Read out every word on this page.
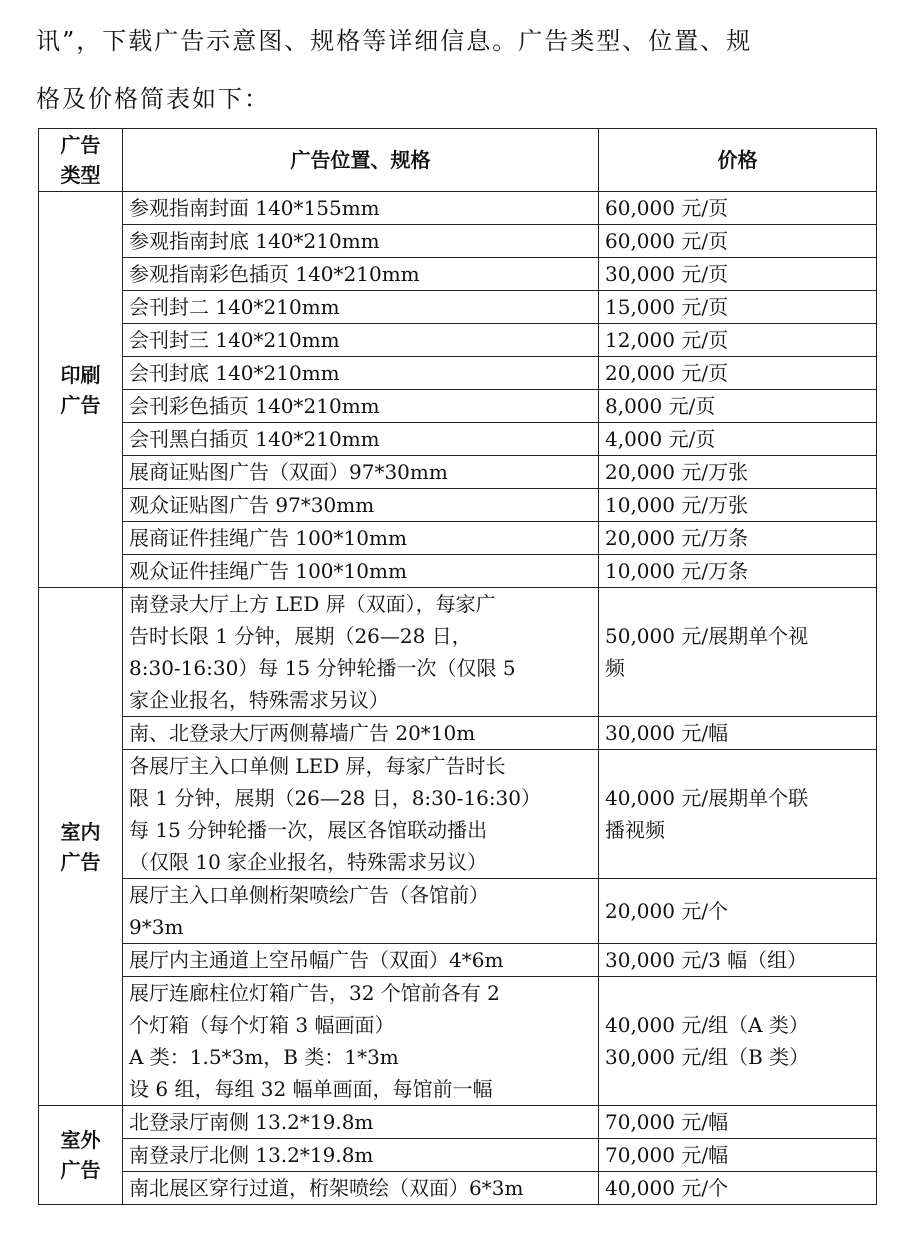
讯”，下载广告示意图、规格等详细信息。广告类型、位置、规

格及价格简表如下：

广告
类型	广告位置、规格	价格

印刷
广告	参观指南封面 140*155mm	60,000 元/页

	参观指南封底 140*210mm	60,000 元/页

	参观指南彩色插页 140*210mm	30,000 元/页

	会刊封二 140*210mm	15,000 元/页

	会刊封三 140*210mm	12,000 元/页

	会刊封底 140*210mm	20,000 元/页

	会刊彩色插页 140*210mm	8,000 元/页

	会刊黑白插页 140*210mm	4,000 元/页

	展商证贴图广告（双面）97*30mm	20,000 元/万张

	观众证贴图广告 97*30mm	10,000 元/万张

	展商证件挂绳广告 100*10mm	20,000 元/万条

	观众证件挂绳广告 100*10mm	10,000 元/万条

室内
广告	南登录大厅上方 LED 屏（双面），每家广
告时长限 1 分钟，展期（26—28 日，
8:30-16:30）每 15 分钟轮播一次（仅限 5
家企业报名，特殊需求另议）	50,000 元/展期单个视
频

	南、北登录大厅两侧幕墙广告 20*10m	30,000 元/幅

	各展厅主入口单侧 LED 屏，每家广告时长
限 1 分钟，展期（26—28 日，8:30-16:30）
每 15 分钟轮播一次，展区各馆联动播出
（仅限 10 家企业报名，特殊需求另议）	40,000 元/展期单个联
播视频

	展厅主入口单侧桁架喷绘广告（各馆前）
9*3m	20,000 元/个

	展厅内主通道上空吊幅广告（双面）4*6m	30,000 元/3 幅（组）

	展厅连廊柱位灯箱广告，32 个馆前各有 2
个灯箱（每个灯箱 3 幅画面）
A 类：1.5*3m，B 类：1*3m
设 6 组，每组 32 幅单画面，每馆前一幅	40,000 元/组（A 类）
30,000 元/组（B 类）

室外
广告	北登录厅南侧 13.2*19.8m	70,000 元/幅

	南登录厅北侧 13.2*19.8m	70,000 元/幅

	南北展区穿行过道，桁架喷绘（双面）6*3m	40,000 元/个
